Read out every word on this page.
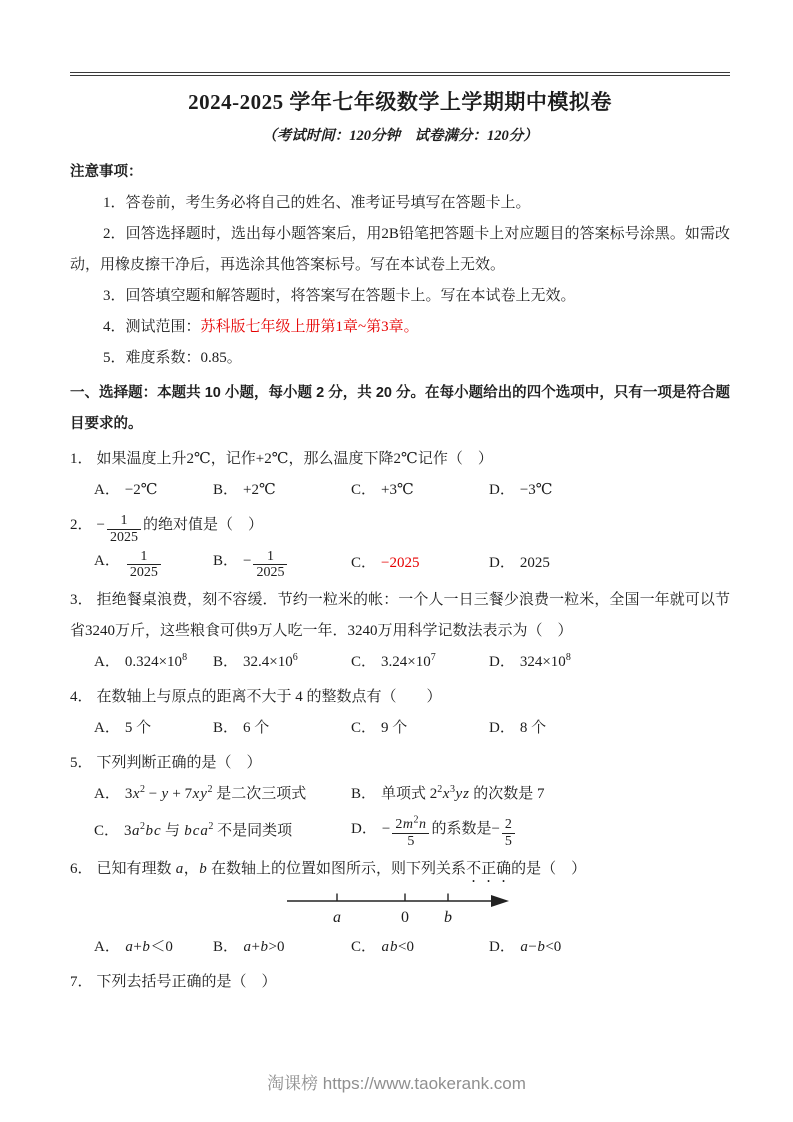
2024-2025 学年七年级数学上学期期中模拟卷

（考试时间：120分钟　试卷满分：120分）

注意事项：

1．答卷前，考生务必将自己的姓名、准考证号填写在答题卡上。

2．回答选择题时，选出每小题答案后，用2B铅笔把答题卡上对应题目的答案标号涂黑。如需改动，用橡皮擦干净后，再选涂其他答案标号。写在本试卷上无效。

3．回答填空题和解答题时，将答案写在答题卡上。写在本试卷上无效。

4．测试范围：苏科版七年级上册第1章~第3章。

5．难度系数：0.85。

一、选择题：本题共 10 小题，每小题 2 分，共 20 分。在每小题给出的四个选项中，只有一项是符合题目要求的。

1． 如果温度上升2℃，记作+2℃，那么温度下降2℃记作（　）

A． −2℃	B． +2℃	C． +3℃	D． −3℃

2． − $\frac{1}{2025}$ 的绝对值是（　）

A． $\frac{1}{2025}$	B． − $\frac{1}{2025}$	C． −2025	D． 2025

3． 拒绝餐桌浪费，刻不容缓．节约一粒米的帐：一个人一日三餐少浪费一粒米，全国一年就可以节省3240万斤，这些粮食可供9万人吃一年．3240万用科学记数法表示为（　）

A． $0.324\times 10^8$	B． $32.4\times 10^6$	C． $3.24\times 10^7$	D． $324\times 10^8$

4． 在数轴上与原点的距离不大于 4 的整数点有（　　）

A． 5 个	B． 6 个	C． 9 个	D． 8 个

5． 下列判断正确的是（　）

A． $3x^2 - y + 7xy^2$ 是二次三项式	B． 单项式 $2^2x^3yz$ 的次数是 7
C． $3a^2bc$ 与 bca$^2$ 不是同类项	D． − $\frac{2m^2n}{5}$ 的系数是− $\frac{2}{5}$

6． 已知有理数 a，b 在数轴上的位置如图所示，则下列关系不正确的是（　）

a	0 b
A． a+b＜0	B． a+b>0	C． ab<0	D． a−b<0

7． 下列去括号正确的是（　）

淘课榜 https://www.taokerank.com
